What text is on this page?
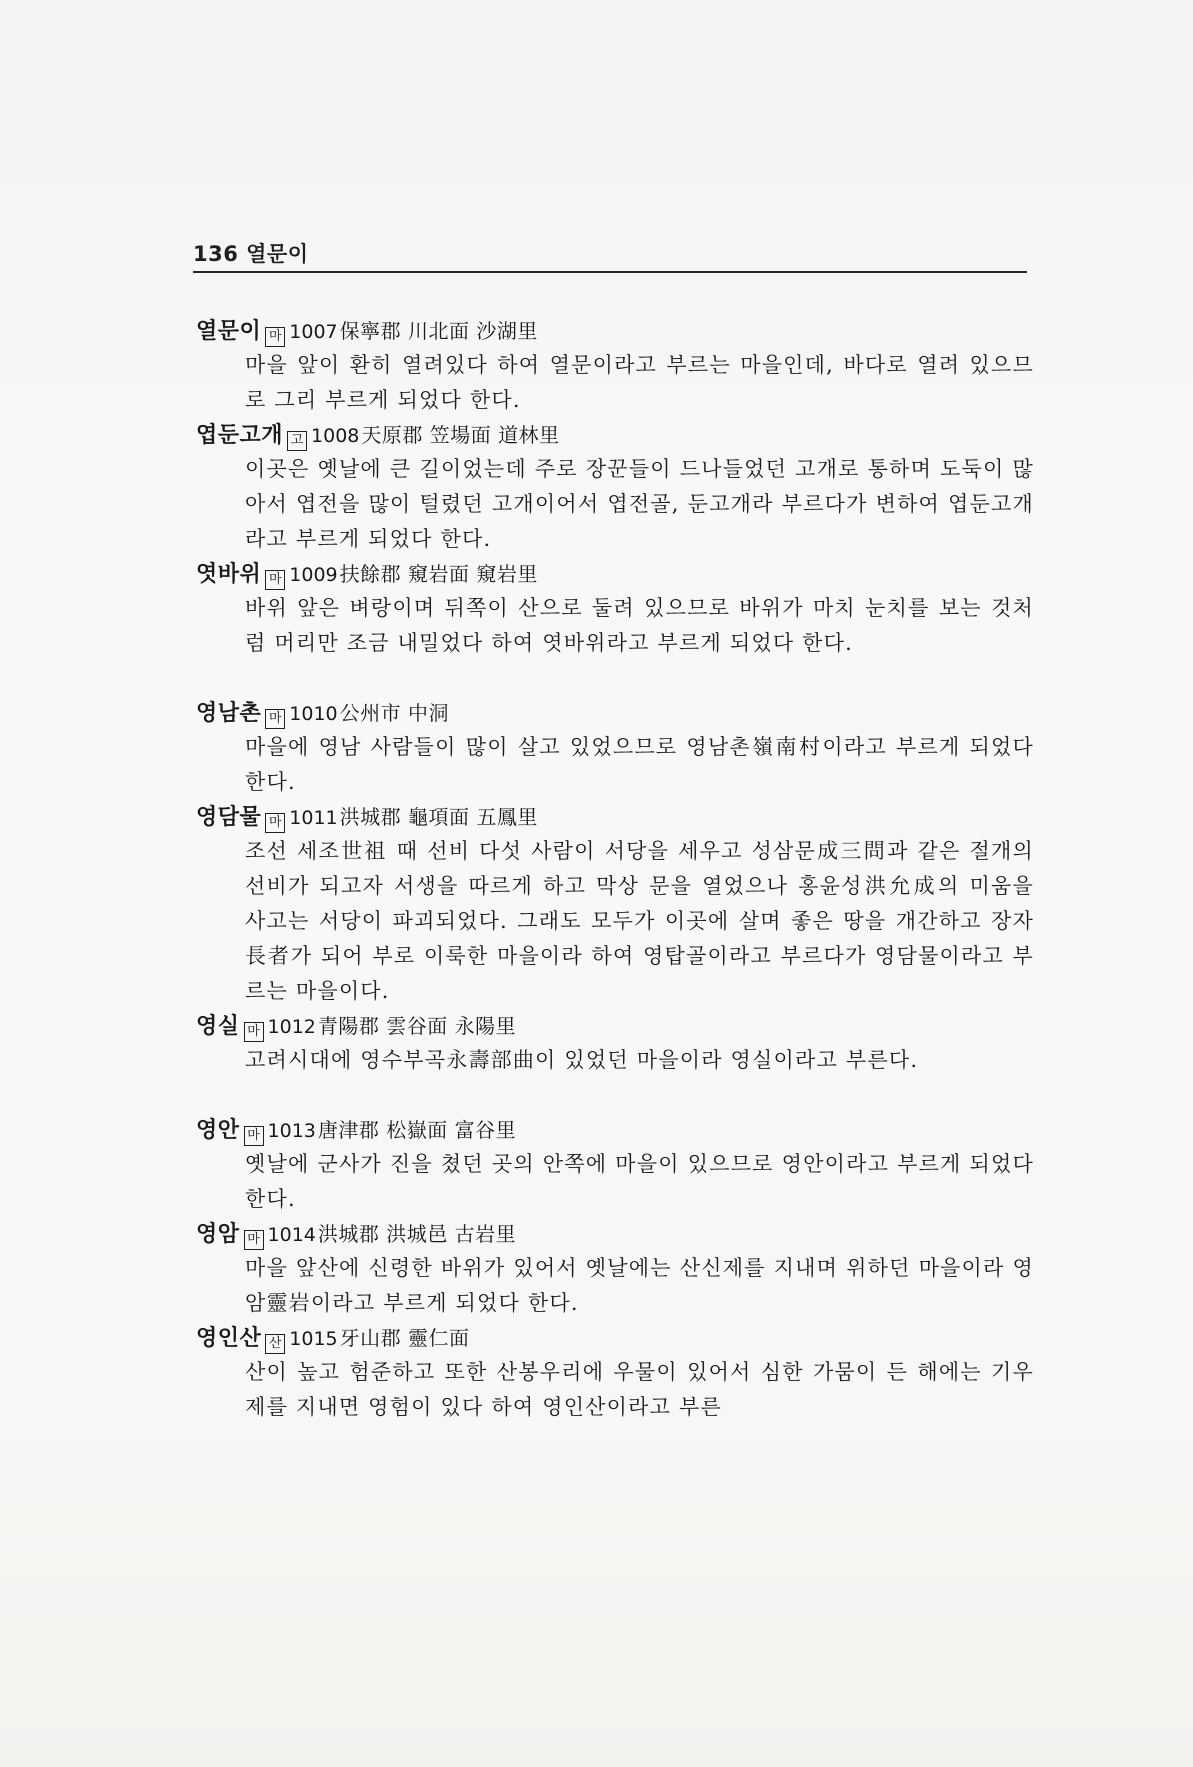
136 열문이
열문이 마 1007 保寧郡 川北面 沙湖里

마을 앞이 환히 열려있다 하여 열문이라고 부르는 마을인데, 바다로 열려 있으므로 그리 부르게 되었다 한다.

엽둔고개 고 1008 天原郡 笠場面 道林里

이곳은 옛날에 큰 길이었는데 주로 장꾼들이 드나들었던 고개로 통하며 도둑이 많아서 엽전을 많이 털렸던 고개이어서 엽전골, 둔고개라 부르다가 변하여 엽둔고개라고 부르게 되었다 한다.

엿바위 마 1009 扶餘郡 窺岩面 窺岩里

바위 앞은 벼랑이며 뒤쪽이 산으로 둘려 있으므로 바위가 마치 눈치를 보는 것처럼 머리만 조금 내밀었다 하여 엿바위라고 부르게 되었다 한다.

영남촌 마 1010 公州市 中洞

마을에 영남 사람들이 많이 살고 있었으므로 영남촌嶺南村이라고 부르게 되었다 한다.

영담물 마 1011 洪城郡 龜項面 五鳳里

조선 세조世祖 때 선비 다섯 사람이 서당을 세우고 성삼문成三問과 같은 절개의 선비가 되고자 서생을 따르게 하고 막상 문을 열었으나 홍윤성洪允成의 미움을 사고는 서당이 파괴되었다. 그래도 모두가 이곳에 살며 좋은 땅을 개간하고 장자長者가 되어 부로 이룩한 마을이라 하여 영탑골이라고 부르다가 영담물이라고 부르는 마을이다.

영실 마 1012 青陽郡 雲谷面 永陽里

고려시대에 영수부곡永壽部曲이 있었던 마을이라 영실이라고 부른다.

영안 마 1013 唐津郡 松嶽面 富谷里

옛날에 군사가 진을 쳤던 곳의 안쪽에 마을이 있으므로 영안이라고 부르게 되었다 한다.

영암 마 1014 洪城郡 洪城邑 古岩里

마을 앞산에 신령한 바위가 있어서 옛날에는 산신제를 지내며 위하던 마을이라 영암靈岩이라고 부르게 되었다 한다.

영인산 산 1015 牙山郡 靈仁面

산이 높고 험준하고 또한 산봉우리에 우물이 있어서 심한 가뭄이 든 해에는 기우제를 지내면 영험이 있다 하여 영인산이라고 부른
